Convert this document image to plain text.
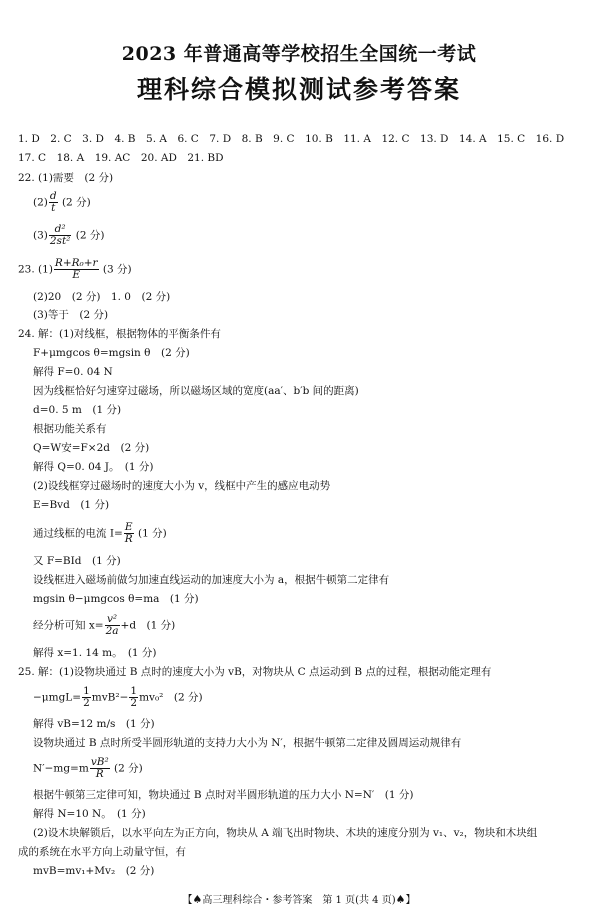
2023 年普通高等学校招生全国统一考试
理科综合模拟测试参考答案
1. D　2. C　3. D　4. B　5. A　6. C　7. D　8. B　9. C　10. B　11. A　12. C　13. D　14. A　15. C　16. D
17. C　18. A　19. AC　20. AD　21. BD
22. (1)需要　(2 分)
$(2) \frac{d}{t} (2$ 分)
$(3) \frac{\text{d²}}{\text{2st²}} (2$ 分)
23. $(1) \frac{\text{R+R₀+r}}{E} (3$ 分)
(2)20　(2 分)　1. 0　(2 分)
(3)等于　(2 分)
24. 解：(1)对线框，根据物体的平衡条件有
F+μmgcos θ=mgsin θ　(2 分)
解得 F=0. 04 N
因为线框恰好匀速穿过磁场，所以磁场区域的宽度(aa′、b′b 间的距离)
d=0. 5 m　(1 分)
根据功能关系有
Q=W安=F×2d　(2 分)
解得 Q=0. 04 J。　(1 分)
(2)设线框穿过磁场时的速度大小为 v，线框中产生的感应电动势
E=Bvd　(1 分)
通过线框的电流 $I= \frac{E}{R} (1$ 分)
又 F=BId　(1 分)
设线框进入磁场前做匀加速直线运动的加速度大小为 a，根据牛顿第二定律有
mgsin θ−μmgcos θ=ma　(1 分)
经分析可知 $x= \frac{\text{v²}}{2a} +d$　(1 分)
解得 x=1. 14 m。　(1 分)
25. 解：(1)设物块通过 B 点时的速度大小为 vB，对物块从 C 点运动到 B 点的过程，根据动能定理有
$-\mu mgL= \frac{1}{2} mvB^2- \frac{1}{2} mv_0^2$　(2 分)
解得 vB=12 m/s　(1 分)
设物块通过 B 点时所受半圆形轨道的支持力大小为 N′，根据牛顿第二定律及圆周运动规律有
$N'-mg=m \frac{\text{vB²}}{R} (2$ 分)
根据牛顿第三定律可知，物块通过 B 点时对半圆形轨道的压力大小 N=N′　(1 分)
解得 N=10 N。　(1 分)
(2)设木块解锁后，以水平向左为正方向，物块从 A 端飞出时物块、木块的速度分别为 v₁、v₂，物块和木块组
成的系统在水平方向上动量守恒，有
mvB=mv₁+Mv₂　(2 分)
【♠高三理科综合・参考答案　第 1 页(共 4 页)♠】
